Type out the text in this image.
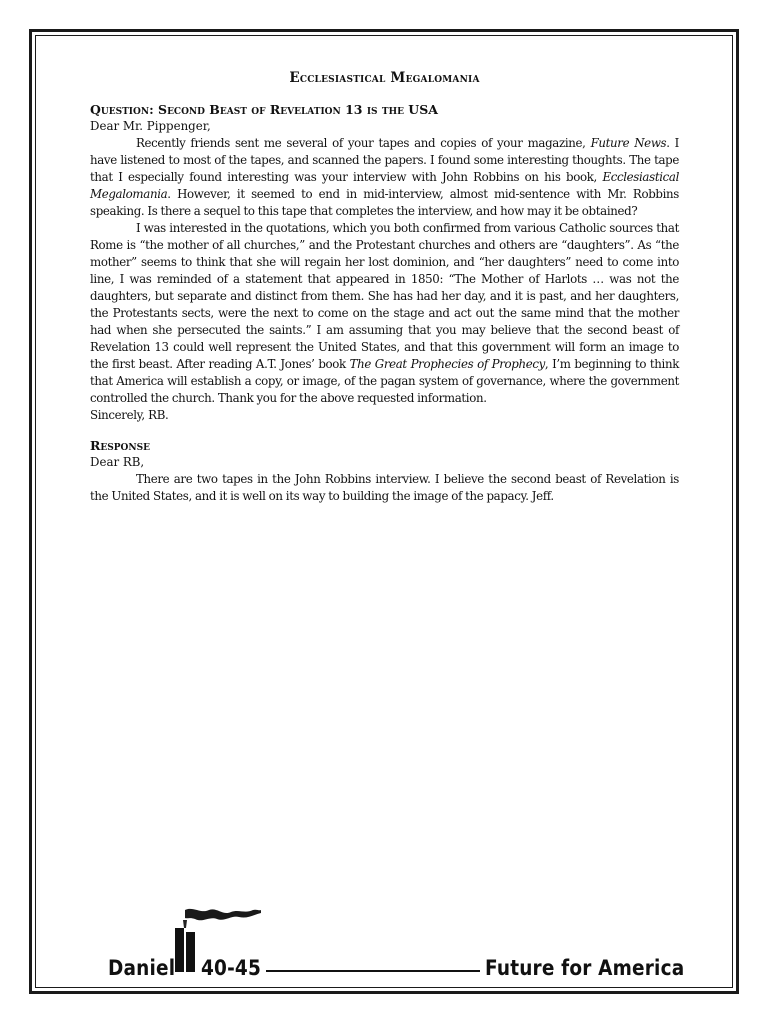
Ecclesiastical Megalomania
Question: Second Beast of Revelation 13 is the USA
Dear Mr. Pippenger,

Recently friends sent me several of your tapes and copies of your magazine, Future News. I have listened to most of the tapes, and scanned the papers. I found some interesting thoughts. The tape that I especially found interesting was your interview with John Robbins on his book, Ecclesiastical Megalomania. However, it seemed to end in mid-interview, almost mid-sentence with Mr. Robbins speaking. Is there a sequel to this tape that completes the interview, and how may it be obtained?

I was interested in the quotations, which you both confirmed from various Catholic sources that Rome is “the mother of all churches,” and the Protestant churches and others are “daughters”. As “the mother” seems to think that she will regain her lost dominion, and “her daughters” need to come into line, I was reminded of a statement that appeared in 1850: “The Mother of Harlots … was not the daughters, but separate and distinct from them. She has had her day, and it is past, and her daughters, the Protestants sects, were the next to come on the stage and act out the same mind that the mother had when she persecuted the saints.” I am assuming that you may believe that the second beast of Revelation 13 could well represent the United States, and that this government will form an image to the first beast. After reading A.T. Jones’ book The Great Prophecies of Prophecy, I’m beginning to think that America will establish a copy, or image, of the pagan system of governance, where the government controlled the church. Thank you for the above requested information.

Sincerely, RB.

Response
Dear RB,

There are two tapes in the John Robbins interview. I believe the second beast of Revelation is the United States, and it is well on its way to building the image of the papacy. Jeff.

Daniel 40-45	Future for America
